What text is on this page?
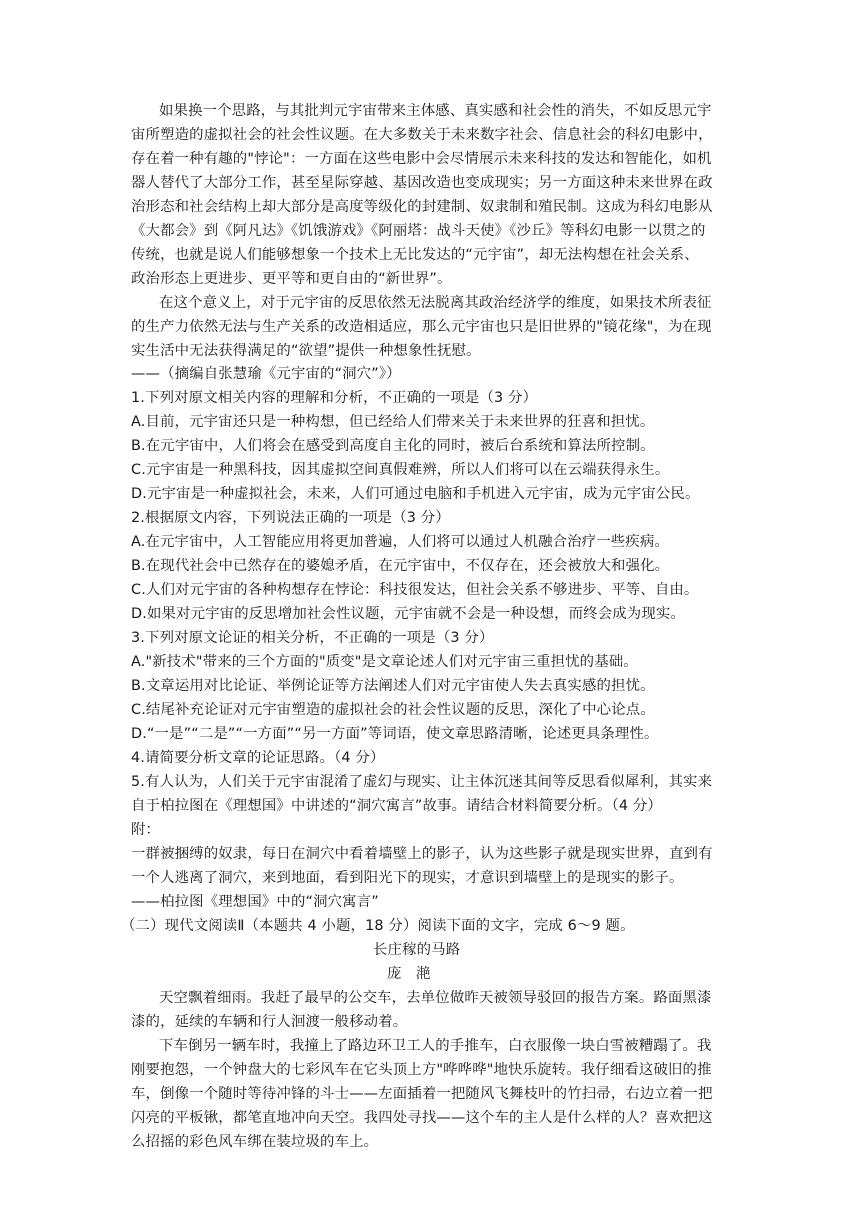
如果换一个思路，与其批判元宇宙带来主体感、真实感和社会性的消失，不如反思元宇
宙所塑造的虚拟社会的社会性议题。在大多数关于未来数字社会、信息社会的科幻电影中，
存在着一种有趣的"悖论"：一方面在这些电影中会尽情展示未来科技的发达和智能化，如机
器人替代了大部分工作，甚至星际穿越、基因改造也变成现实；另一方面这种未来世界在政
治形态和社会结构上却大部分是高度等级化的封建制、奴隶制和殖民制。这成为科幻电影从
《大都会》到《阿凡达》《饥饿游戏》《阿丽塔：战斗天使》《沙丘》等科幻电影一以贯之的
传统，也就是说人们能够想象一个技术上无比发达的“元宇宙”，却无法构想在社会关系、
政治形态上更进步、更平等和更自由的“新世界”。
在这个意义上，对于元宇宙的反思依然无法脱离其政治经济学的维度，如果技术所表征
的生产力依然无法与生产关系的改造相适应，那么元宇宙也只是旧世界的"镜花缘"，为在现
实生活中无法获得满足的“欲望”提供一种想象性抚慰。
——（摘编自张慧瑜《元宇宙的“洞穴”》）
1.下列对原文相关内容的理解和分析，不正确的一项是（3 分）
A.目前，元宇宙还只是一种构想，但已经给人们带来关于未来世界的狂喜和担忧。
B.在元宇宙中，人们将会在感受到高度自主化的同时，被后台系统和算法所控制。
C.元宇宙是一种黑科技，因其虚拟空间真假难辨，所以人们将可以在云端获得永生。
D.元宇宙是一种虚拟社会，未来，人们可通过电脑和手机进入元宇宙，成为元宇宙公民。
2.根据原文内容，下列说法正确的一项是（3 分）
A.在元宇宙中，人工智能应用将更加普遍，人们将可以通过人机融合治疗一些疾病。
B.在现代社会中已然存在的婆媳矛盾，在元宇宙中，不仅存在，还会被放大和强化。
C.人们对元宇宙的各种构想存在悖论：科技很发达，但社会关系不够进步、平等、自由。
D.如果对元宇宙的反思增加社会性议题，元宇宙就不会是一种设想，而终会成为现实。
3.下列对原文论证的相关分析，不正确的一项是（3 分）
A."新技术"带来的三个方面的"质变"是文章论述人们对元宇宙三重担忧的基础。
B.文章运用对比论证、举例论证等方法阐述人们对元宇宙使人失去真实感的担忧。
C.结尾补充论证对元宇宙塑造的虚拟社会的社会性议题的反思，深化了中心论点。
D.“一是”“二是”“一方面”“另一方面”等词语，使文章思路清晰，论述更具条理性。
4.请简要分析文章的论证思路。（4 分）
5.有人认为，人们关于元宇宙混淆了虚幻与现实、让主体沉迷其间等反思看似犀利，其实来
自于柏拉图在《理想国》中讲述的“洞穴寓言”故事。请结合材料简要分析。（4 分）
附：
一群被捆缚的奴隶，每日在洞穴中看着墙壁上的影子，认为这些影子就是现实世界，直到有
一个人逃离了洞穴，来到地面，看到阳光下的现实，才意识到墙壁上的是现实的影子。
——柏拉图《理想国》中的“洞穴寓言”
（二）现代文阅读Ⅱ（本题共 4 小题，18 分）阅读下面的文字，完成 6～9 题。
长庄稼的马路
庞　滟
天空飘着细雨。我赶了最早的公交车，去单位做昨天被领导驳回的报告方案。路面黑漆
漆的，延续的车辆和行人洄渡一般移动着。
下车倒另一辆车时，我撞上了路边环卫工人的手推车，白衣服像一块白雪被糟蹋了。我
刚要抱怨，一个钟盘大的七彩风车在它头顶上方"哗哗哗"地快乐旋转。我仔细看这破旧的推
车，倒像一个随时等待冲锋的斗士——左面插着一把随风飞舞枝叶的竹扫帚，右边立着一把
闪亮的平板锹，都笔直地冲向天空。我四处寻找——这个车的主人是什么样的人？喜欢把这
么招摇的彩色风车绑在装垃圾的车上。
